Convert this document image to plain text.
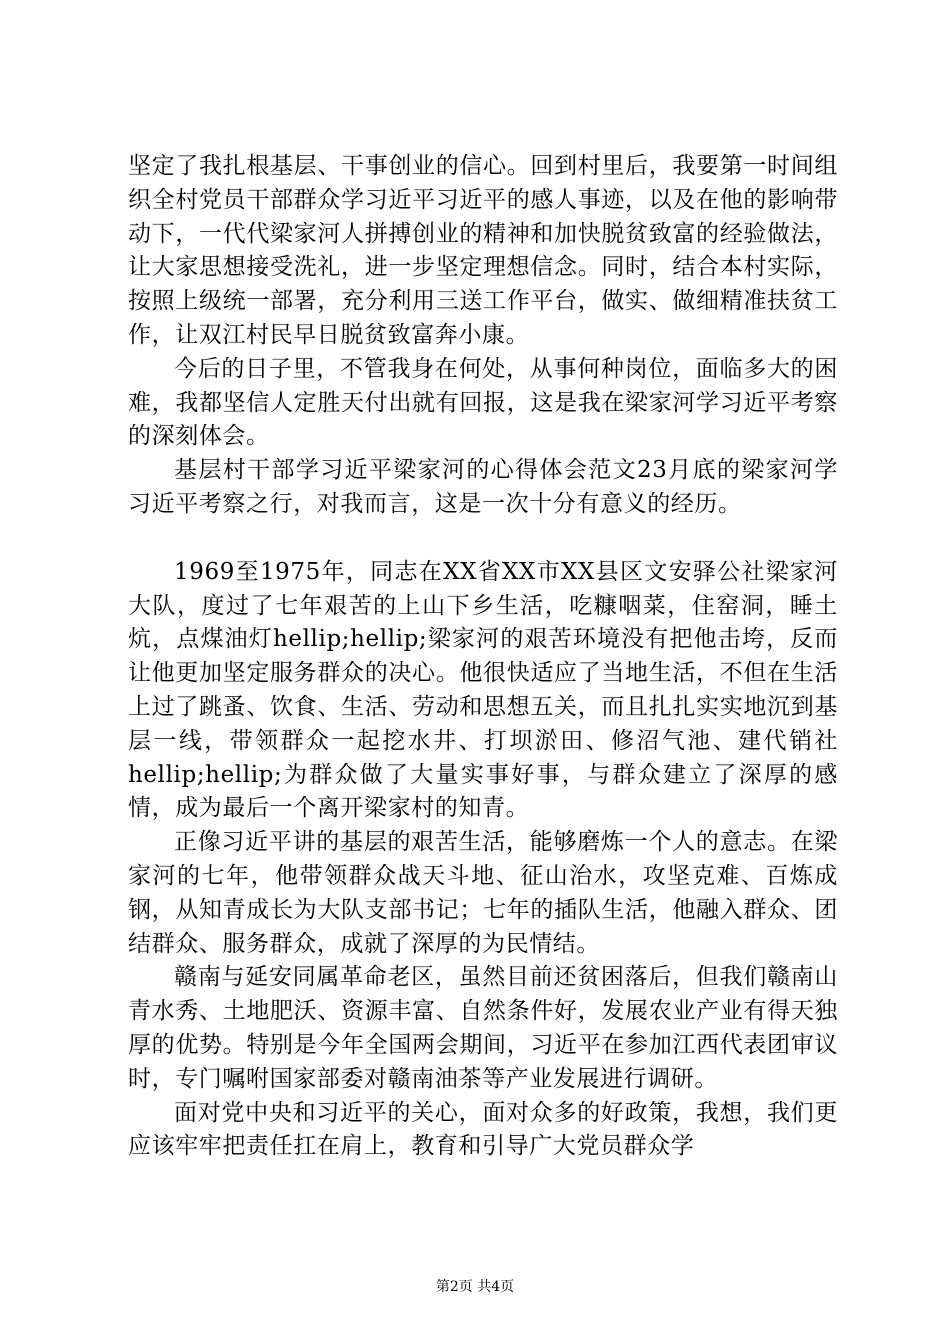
坚定了我扎根基层、干事创业的信心。回到村里后，我要第一时间组织全村党员干部群众学习近平习近平的感人事迹，以及在他的影响带动下，一代代梁家河人拼搏创业的精神和加快脱贫致富的经验做法，让大家思想接受洗礼，进一步坚定理想信念。同时，结合本村实际，按照上级统一部署，充分利用三送工作平台，做实、做细精准扶贫工作，让双江村民早日脱贫致富奔小康。

今后的日子里，不管我身在何处，从事何种岗位，面临多大的困难，我都坚信人定胜天付出就有回报，这是我在梁家河学习近平考察的深刻体会。

基层村干部学习近平梁家河的心得体会范文23月底的梁家河学习近平考察之行，对我而言，这是一次十分有意义的经历。

1969至1975年，同志在XX省XX市XX县区文安驿公社梁家河大队，度过了七年艰苦的上山下乡生活，吃糠咽菜，住窑洞，睡土炕，点煤油灯hellip;hellip;梁家河的艰苦环境没有把他击垮，反而让他更加坚定服务群众的决心。他很快适应了当地生活，不但在生活上过了跳蚤、饮食、生活、劳动和思想五关，而且扎扎实实地沉到基层一线，带领群众一起挖水井、打坝淤田、修沼气池、建代销社hellip;hellip;为群众做了大量实事好事，与群众建立了深厚的感情，成为最后一个离开梁家村的知青。

正像习近平讲的基层的艰苦生活，能够磨炼一个人的意志。在梁家河的七年，他带领群众战天斗地、征山治水，攻坚克难、百炼成钢，从知青成长为大队支部书记；七年的插队生活，他融入群众、团结群众、服务群众，成就了深厚的为民情结。

赣南与延安同属革命老区，虽然目前还贫困落后，但我们赣南山青水秀、土地肥沃、资源丰富、自然条件好，发展农业产业有得天独厚的优势。特别是今年全国两会期间，习近平在参加江西代表团审议时，专门嘱咐国家部委对赣南油茶等产业发展进行调研。

面对党中央和习近平的关心，面对众多的好政策，我想，我们更应该牢牢把责任扛在肩上，教育和引导广大党员群众学

第2页 共4页
